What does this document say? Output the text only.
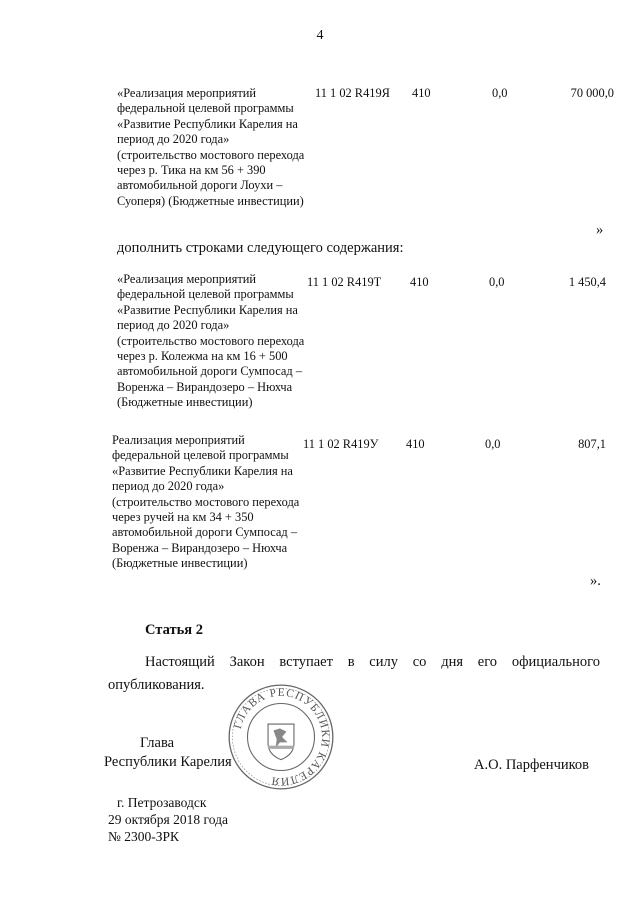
4
«Реализация мероприятий федеральной целевой программы «Развитие Республики Карелия на период до 2020 года» (строительство мостового перехода через р. Тика на км 56 + 390 автомобильной дороги Лоухи – Суоперя) (Бюджетные инвестиции)
11 1 02 R419Я	410	0,0	70 000,0
»
дополнить строками следующего содержания:
«Реализация мероприятий федеральной целевой программы «Развитие Республики Карелия на период до 2020 года» (строительство мостового перехода через р. Колежма на км 16 + 500 автомобильной дороги Сумпосад – Воренжа – Вирандозеро – Нюхча (Бюджетные инвестиции)
11 1 02 R419Т	410	0,0	1 450,4
Реализация мероприятий федеральной целевой программы «Развитие Республики Карелия на период до 2020 года» (строительство мостового перехода через ручей на км 34 + 350 автомобильной дороги Сумпосад – Воренжа – Вирандозеро – Нюхча (Бюджетные инвестиции)
11 1 02 R419У	410	0,0	807,1
».
Статья 2
Настоящий Закон вступает в силу со дня его официального
опубликования.
ГЛАВА РЕСПУБЛИКИ КАРЕЛИЯ
Глава
Республики Карелия	А.О. Парфенчиков
г. Петрозаводск
29 октября 2018 года
№ 2300-ЗРК
